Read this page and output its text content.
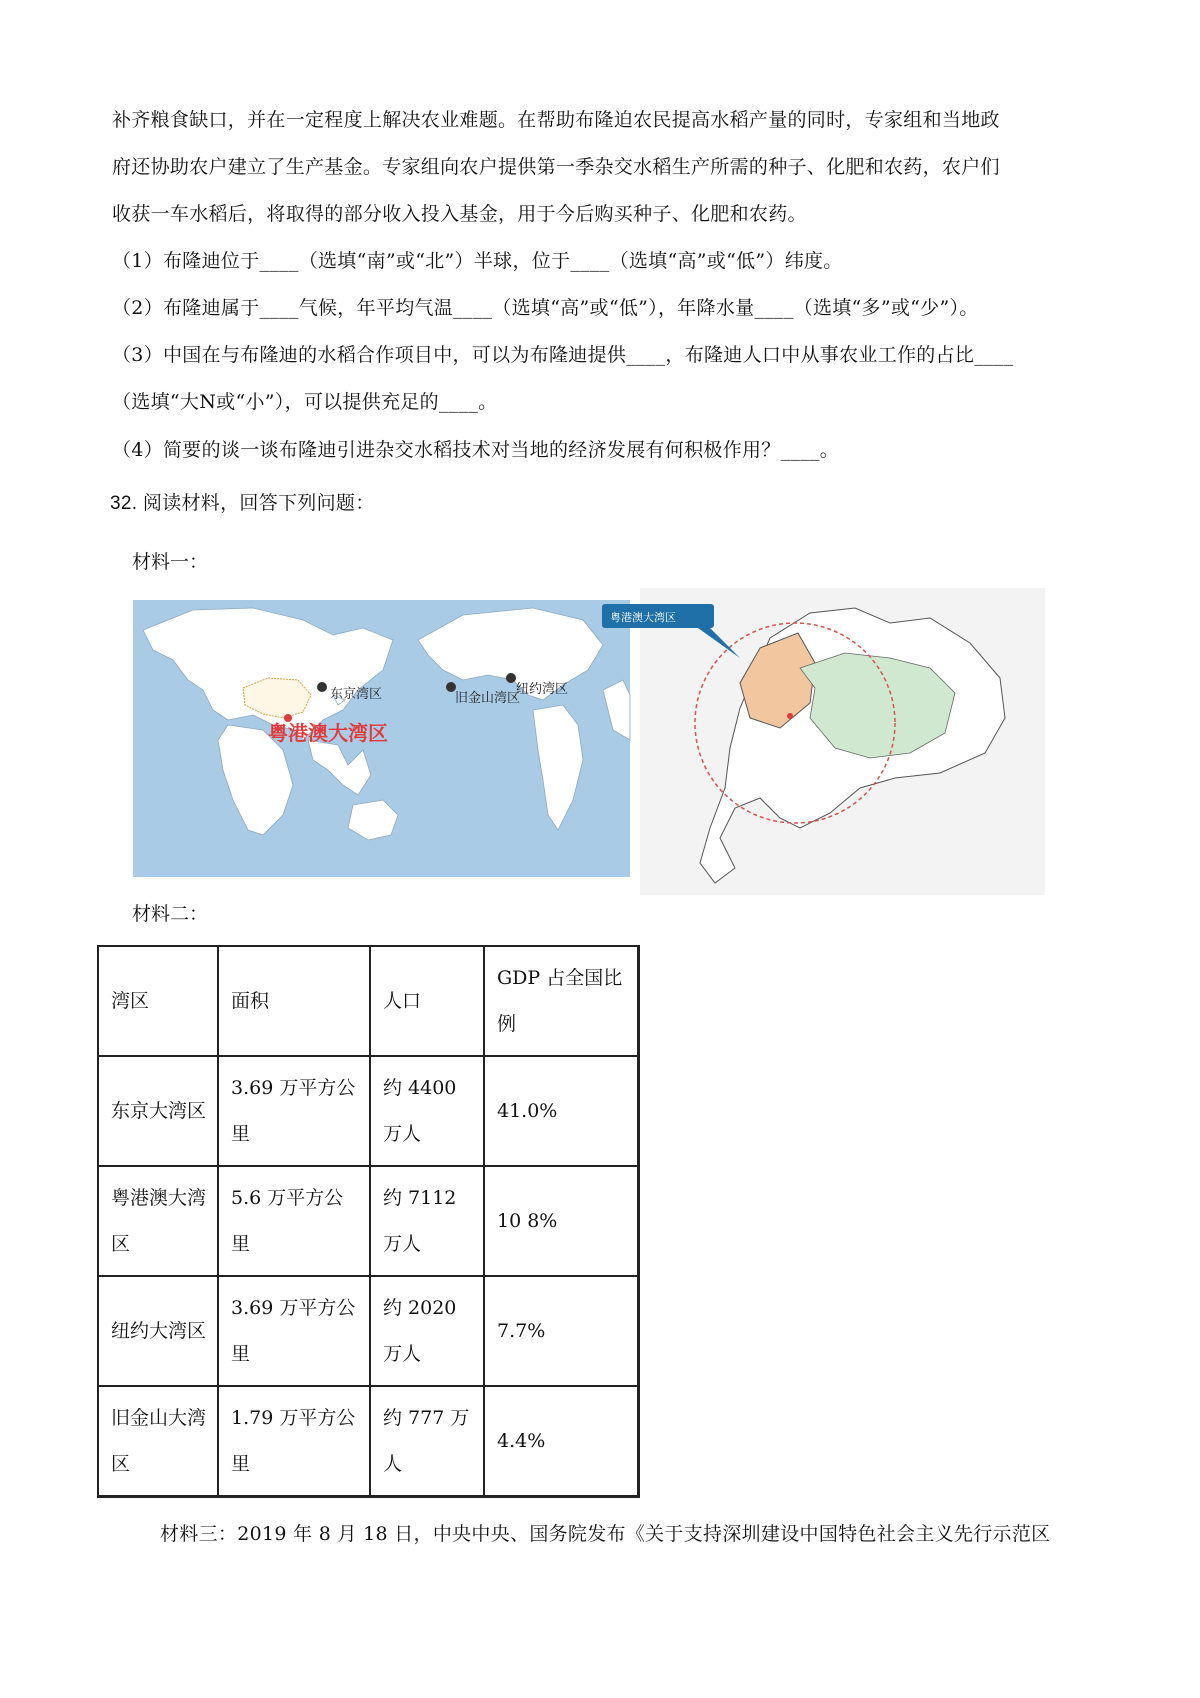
补齐粮食缺口，并在一定程度上解决农业难题。在帮助布隆迫农民提高水稻产量的同时，专家组和当地政
府还协助农户建立了生产基金。专家组向农户提供第一季杂交水稻生产所需的种子、化肥和农药，农户们
收获一车水稻后，将取得的部分收入投入基金，用于今后购买种子、化肥和农药。
（1）布隆迪位于____（选填“南”或“北”）半球，位于____（选填“高”或“低”）纬度。
（2）布隆迪属于____气候，年平均气温____（选填“高”或“低”），年降水量____（选填“多”或“少”）。
（3）中国在与布隆迪的水稻合作项目中，可以为布隆迪提供____，布隆迪人口中从事农业工作的占比____
（选填“大N或“小”），可以提供充足的____。
（4）简要的谈一谈布隆迪引进杂交水稻技术对当地的经济发展有何积极作用？____。
32. 阅读材料，回答下列问题：
材料一：
东京湾区	旧金山湾区
纽约湾区
粤港澳大湾区
粤港澳大湾区
材料二：
湾区	面积	人口	GDP 占全国比例
东京大湾区	3.69 万平方公里	约 4400 万人	41.0%
粤港澳大湾区	5.6 万平方公里	约 7112 万人	10 8%
纽约大湾区	3.69 万平方公里	约 2020 万人	7.7%
旧金山大湾区	1.79 万平方公里	约 777 万人	4.4%
材料三：2019 年 8 月 18 日，中央中央、国务院发布《关于支持深圳建设中国特色社会主义先行示范区
